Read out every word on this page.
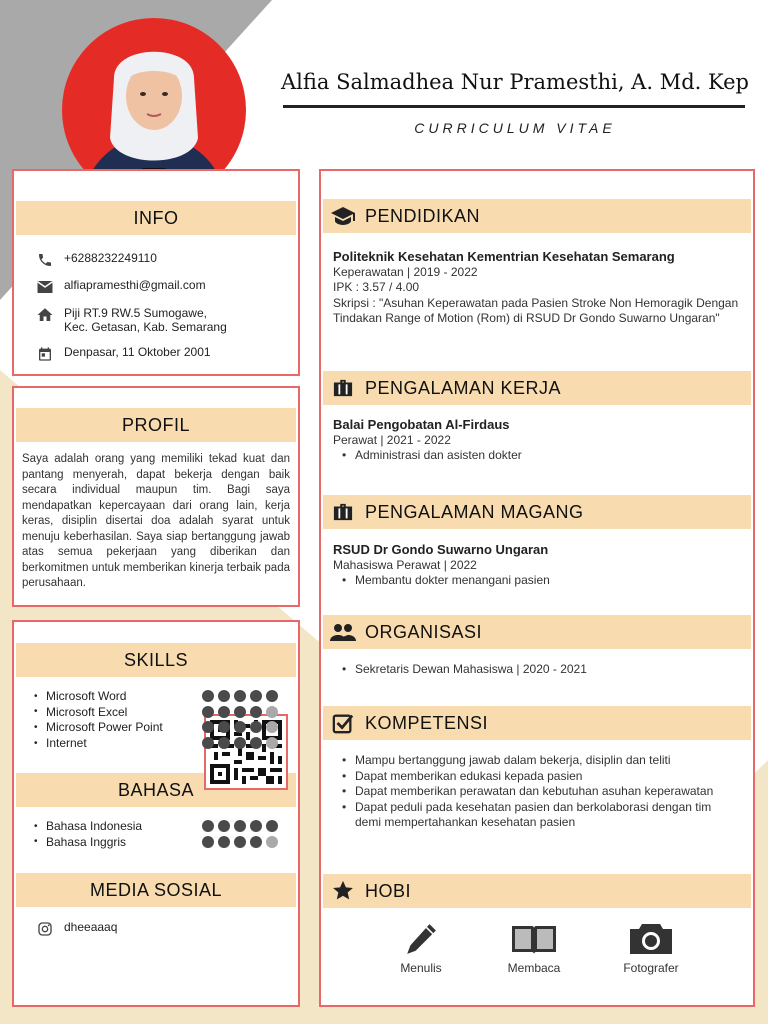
Alfia Salmadhea Nur Pramesthi, A. Md. Kep
CURRICULUM VITAE
INFO
+6288232249110
alfiapramesthi@gmail.com
Piji RT.9 RW.5 Sumogawe,
Kec. Getasan, Kab. Semarang
Denpasar, 11 Oktober 2001
PROFIL
Saya adalah orang yang memiliki tekad kuat dan pantang menyerah, dapat bekerja dengan baik secara individual maupun tim. Bagi saya mendapatkan kepercayaan dari orang lain, kerja keras, disiplin disertai doa adalah syarat untuk menuju keberhasilan. Saya siap bertanggung jawab atas semua pekerjaan yang diberikan dan berkomitmen untuk memberikan kinerja terbaik pada perusahaan.
SKILLS
BAHASA
MEDIA SOSIAL
dheeaaaq
• Microsoft Word
• Microsoft Excel
• Microsoft Power Point
• Internet
• Bahasa Indonesia
• Bahasa Inggris
PENDIDIKAN
Politeknik Kesehatan Kementrian Kesehatan Semarang
Keperawatan | 2019 - 2022
IPK : 3.57 / 4.00
Skripsi : "Asuhan Keperawatan pada Pasien Stroke Non Hemoragik Dengan Tindakan Range of Motion (Rom) di RSUD Dr Gondo Suwarno Ungaran"
PENGALAMAN KERJA
Balai Pengobatan Al-Firdaus
Perawat | 2021 - 2022
• Administrasi dan asisten dokter
PENGALAMAN MAGANG
RSUD Dr Gondo Suwarno Ungaran
Mahasiswa Perawat | 2022
• Membantu dokter menangani pasien
ORGANISASI
• Sekretaris Dewan Mahasiswa | 2020 - 2021
KOMPETENSI
• Mampu bertanggung jawab dalam bekerja, disiplin dan teliti
• Dapat memberikan edukasi kepada pasien
• Dapat memberikan perawatan dan kebutuhan asuhan keperawatan
• Dapat peduli pada kesehatan pasien dan berkolaborasi dengan tim demi mempertahankan kesehatan pasien
HOBI
Menulis	Membaca	Fotografer
